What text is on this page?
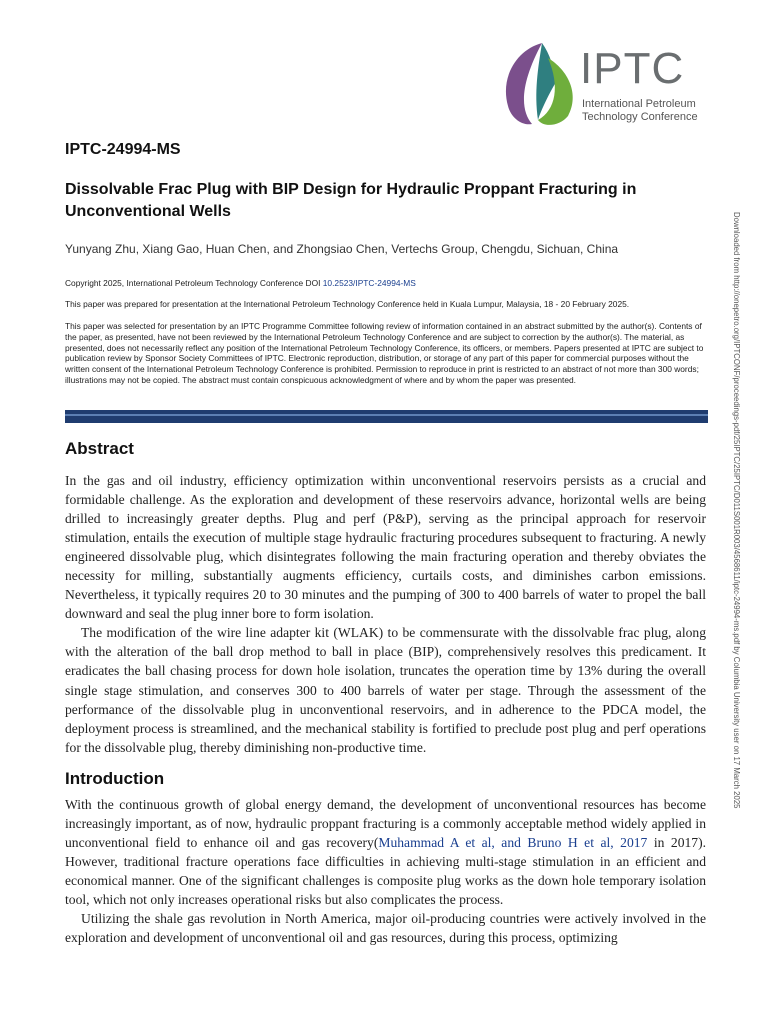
IPTC
International Petroleum
Technology Conference
IPTC-24994-MS
Dissolvable Frac Plug with BIP Design for Hydraulic Proppant Fracturing in Unconventional Wells
Yunyang Zhu, Xiang Gao, Huan Chen, and Zhongsiao Chen, Vertechs Group, Chengdu, Sichuan, China
Copyright 2025, International Petroleum Technology Conference DOI 10.2523/IPTC-24994-MS
This paper was prepared for presentation at the International Petroleum Technology Conference held in Kuala Lumpur, Malaysia, 18 - 20 February 2025.
This paper was selected for presentation by an IPTC Programme Committee following review of information contained in an abstract submitted by the author(s). Contents of the paper, as presented, have not been reviewed by the International Petroleum Technology Conference and are subject to correction by the author(s). The material, as presented, does not necessarily reflect any position of the International Petroleum Technology Conference, its officers, or members. Papers presented at IPTC are subject to publication review by Sponsor Society Committees of IPTC. Electronic reproduction, distribution, or storage of any part of this paper for commercial purposes without the written consent of the International Petroleum Technology Conference is prohibited. Permission to reproduce in print is restricted to an abstract of not more than 300 words; illustrations may not be copied. The abstract must contain conspicuous acknowledgment of where and by whom the paper was presented.
Abstract

In the gas and oil industry, efficiency optimization within unconventional reservoirs persists as a crucial and formidable challenge. As the exploration and development of these reservoirs advance, horizontal wells are being drilled to increasingly greater depths. Plug and perf (P&P), serving as the principal approach for reservoir stimulation, entails the execution of multiple stage hydraulic fracturing procedures subsequent to fracturing. A newly engineered dissolvable plug, which disintegrates following the main fracturing operation and thereby obviates the necessity for milling, substantially augments efficiency, curtails costs, and diminishes carbon emissions. Nevertheless, it typically requires 20 to 30 minutes and the pumping of 300 to 400 barrels of water to propel the ball downward and seal the plug inner bore to form isolation.

The modification of the wire line adapter kit (WLAK) to be commensurate with the dissolvable frac plug, along with the alteration of the ball drop method to ball in place (BIP), comprehensively resolves this predicament. It eradicates the ball chasing process for down hole isolation, truncates the operation time by 13% during the overall single stage stimulation, and conserves 300 to 400 barrels of water per stage. Through the assessment of the performance of the dissolvable plug in unconventional reservoirs, and in adherence to the PDCA model, the deployment process is streamlined, and the mechanical stability is fortified to preclude post plug and perf operations for the dissolvable plug, thereby diminishing non-productive time.

Introduction

With the continuous growth of global energy demand, the development of unconventional resources has become increasingly important, as of now, hydraulic proppant fracturing is a commonly acceptable method widely applied in unconventional field to enhance oil and gas recovery(Muhammad A et al, and Bruno H et al, 2017 in 2017). However, traditional fracture operations face difficulties in achieving multi-stage stimulation in an efficient and economical manner. One of the significant challenges is composite plug works as the down hole temporary isolation tool, which not only increases operational risks but also complicates the process.

Utilizing the shale gas revolution in North America, major oil-producing countries were actively involved in the exploration and development of unconventional oil and gas resources, during this process, optimizing

Downloaded from http://onepetro.org/IPTCONF/proceedings-pdf/25IPTC/25IPTC/D011S001R003/4568611/iptc-24994-ms.pdf by Columbia University user on 17 March 2025
